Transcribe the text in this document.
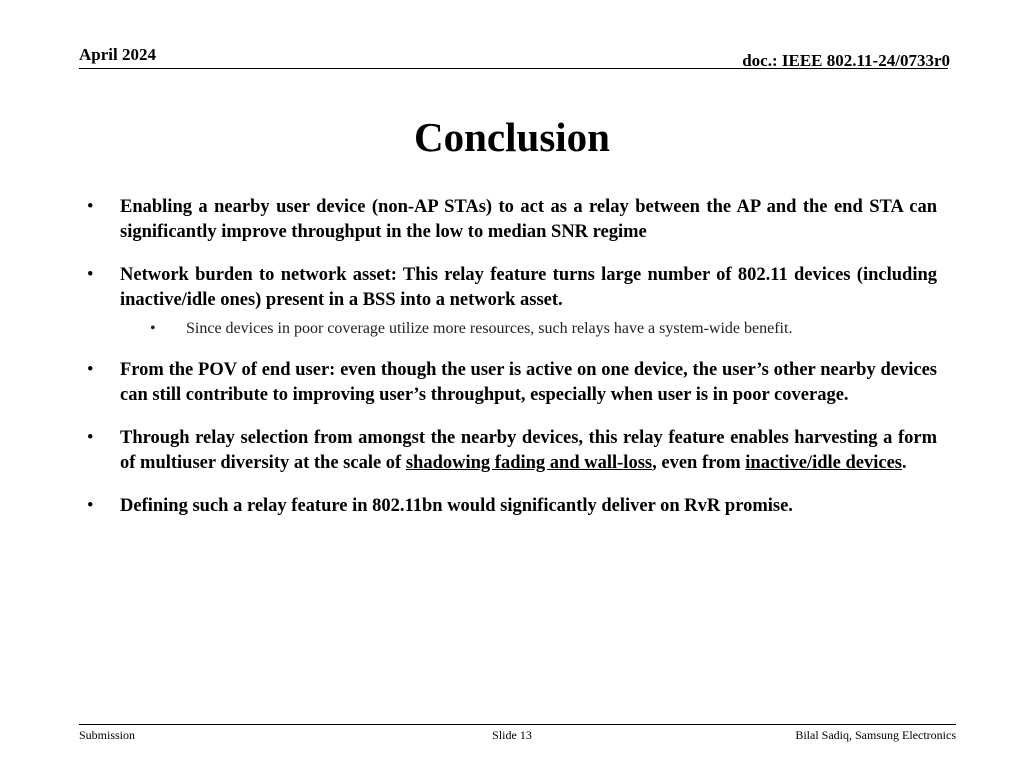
April 2024	doc.: IEEE 802.11-24/0733r0
Conclusion
• Enabling a nearby user device (non-AP STAs) to act as a relay between the AP and the end STA can significantly improve throughput in the low to median SNR regime
• Network burden to network asset: This relay feature turns large number of 802.11 devices (including inactive/idle ones) present in a BSS into a network asset.
• Since devices in poor coverage utilize more resources, such relays have a system-wide benefit.
• From the POV of end user: even though the user is active on one device, the user’s other nearby devices can still contribute to improving user’s throughput, especially when user is in poor coverage.
• Through relay selection from amongst the nearby devices, this relay feature enables harvesting a form of multiuser diversity at the scale of shadowing fading and wall-loss, even from inactive/idle devices.
• Defining such a relay feature in 802.11bn would significantly deliver on RvR promise.
Submission	Slide 13	Bilal Sadiq, Samsung Electronics
